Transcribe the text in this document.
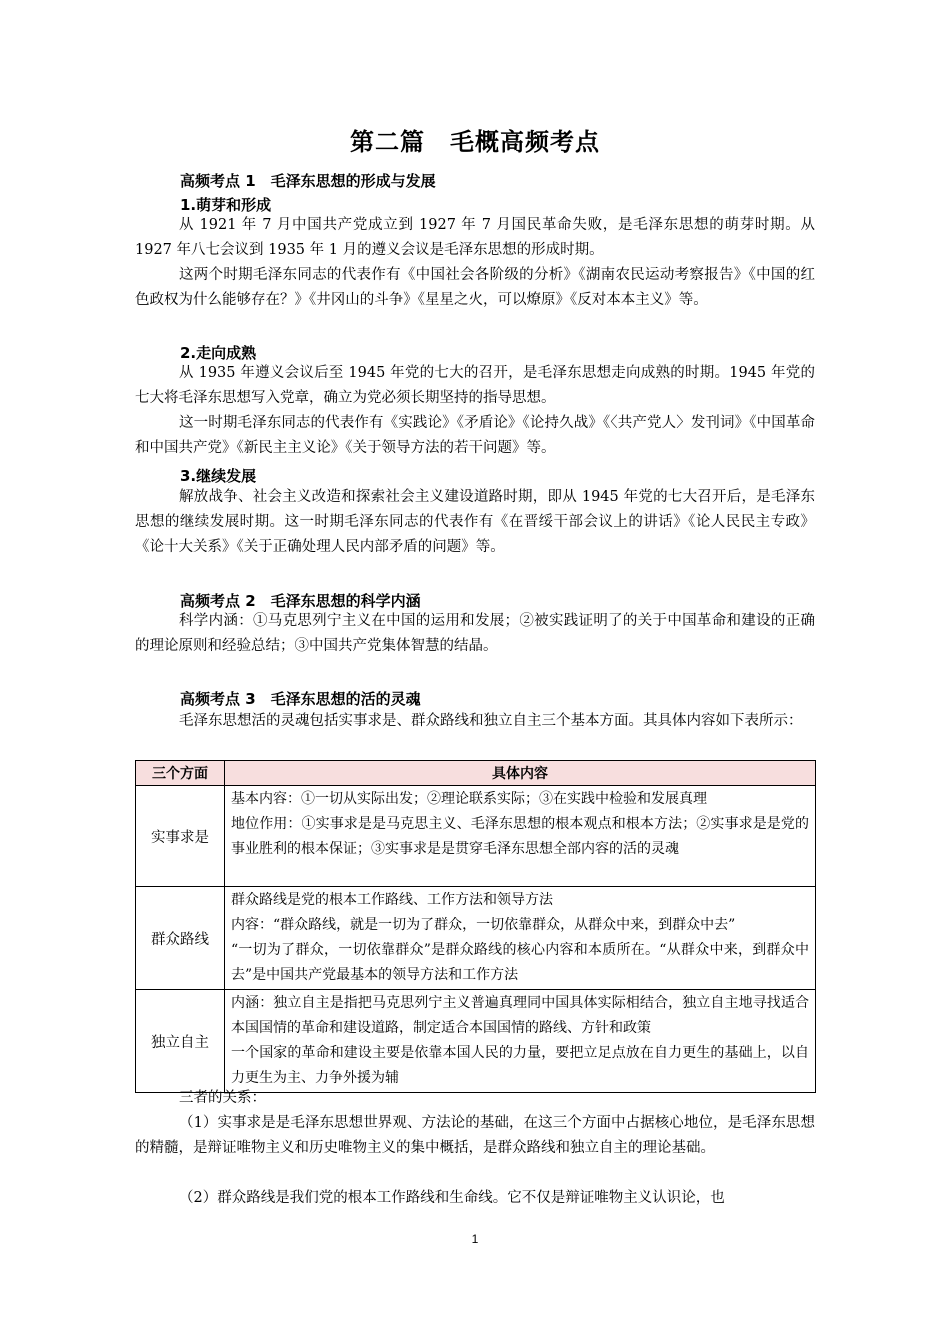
第二篇　毛概高频考点
高频考点 1　毛泽东思想的形成与发展
1.萌芽和形成
从 1921 年 7 月中国共产党成立到 1927 年 7 月国民革命失败，是毛泽东思想的萌芽时期。从 1927 年八七会议到 1935 年 1 月的遵义会议是毛泽东思想的形成时期。
这两个时期毛泽东同志的代表作有《中国社会各阶级的分析》《湖南农民运动考察报告》《中国的红色政权为什么能够存在？》《井冈山的斗争》《星星之火，可以燎原》《反对本本主义》等。
2.走向成熟
从 1935 年遵义会议后至 1945 年党的七大的召开，是毛泽东思想走向成熟的时期。1945 年党的七大将毛泽东思想写入党章，确立为党必须长期坚持的指导思想。
这一时期毛泽东同志的代表作有《实践论》《矛盾论》《论持久战》《〈共产党人〉发刊词》《中国革命和中国共产党》《新民主主义论》《关于领导方法的若干问题》等。
3.继续发展
解放战争、社会主义改造和探索社会主义建设道路时期，即从 1945 年党的七大召开后，是毛泽东思想的继续发展时期。这一时期毛泽东同志的代表作有《在晋绥干部会议上的讲话》《论人民民主专政》《论十大关系》《关于正确处理人民内部矛盾的问题》等。
高频考点 2　毛泽东思想的科学内涵
科学内涵：①马克思列宁主义在中国的运用和发展；②被实践证明了的关于中国革命和建设的正确的理论原则和经验总结；③中国共产党集体智慧的结晶。
高频考点 3　毛泽东思想的活的灵魂
毛泽东思想活的灵魂包括实事求是、群众路线和独立自主三个基本方面。其具体内容如下表所示：
三个方面	具体内容
实事求是	基本内容：①一切从实际出发；②理论联系实际；③在实践中检验和发展真理
地位作用：①实事求是是马克思主义、毛泽东思想的根本观点和根本方法；②实事求是是党的事业胜利的根本保证；③实事求是是贯穿毛泽东思想全部内容的活的灵魂

群众路线	群众路线是党的根本工作路线、工作方法和领导方法
内容：“群众路线，就是一切为了群众，一切依靠群众，从群众中来，到群众中去”
“一切为了群众，一切依靠群众”是群众路线的核心内容和本质所在。“从群众中来，到群众中去”是中国共产党最基本的领导方法和工作方法

独立自主	内涵：独立自主是指把马克思列宁主义普遍真理同中国具体实际相结合，独立自主地寻找适合本国国情的革命和建设道路，制定适合本国国情的路线、方针和政策
一个国家的革命和建设主要是依靠本国人民的力量，要把立足点放在自力更生的基础上，以自力更生为主、力争外援为辅
三者的关系：
（1）实事求是是毛泽东思想世界观、方法论的基础，在这三个方面中占据核心地位，是毛泽东思想的精髓，是辩证唯物主义和历史唯物主义的集中概括，是群众路线和独立自主的理论基础。
（2）群众路线是我们党的根本工作路线和生命线。它不仅是辩证唯物主义认识论，也
1
